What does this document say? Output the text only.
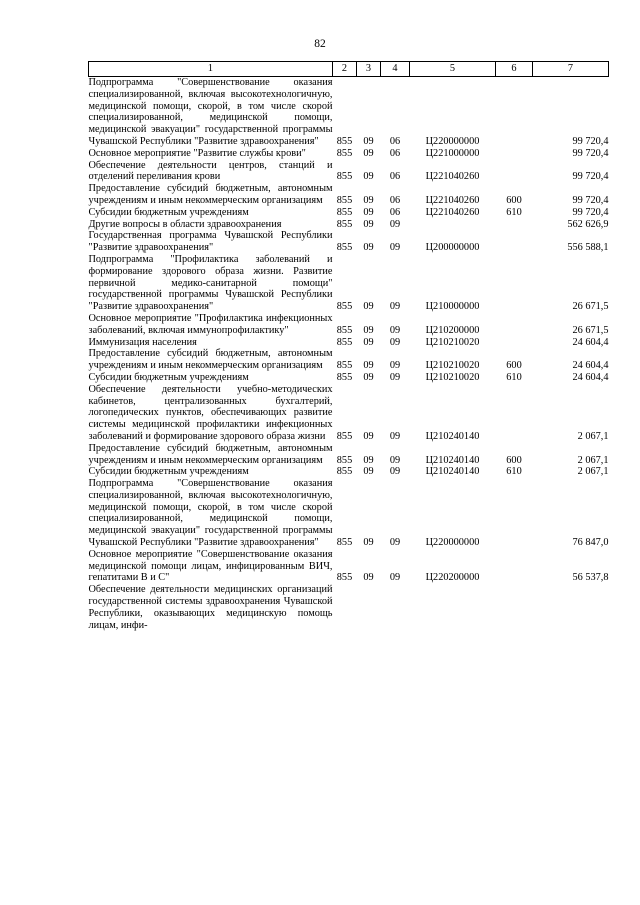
82
1	2	3	4	5	6	7
Подпрограмма "Совершенствование оказания специализированной, включая высокотехнологичную, медицинской помощи, скорой, в том числе скорой специализированной, медицинской помощи, медицинской эвакуации" государственной программы Чувашской Республики "Развитие здравоохранения"	855	09	06	Ц220000000		99 720,4
Основное мероприятие "Развитие службы крови"	855	09	06	Ц221000000		99 720,4
Обеспечение деятельности центров, станций и отделений переливания крови	855	09	06	Ц221040260		99 720,4
Предоставление субсидий бюджетным, автономным учреждениям и иным некоммерческим организациям	855	09	06	Ц221040260	600	99 720,4
Субсидии бюджетным учреждениям	855	09	06	Ц221040260	610	99 720,4
Другие вопросы в области здравоохранения	855	09	09			562 626,9
Государственная программа Чувашской Республики "Развитие здравоохранения"	855	09	09	Ц200000000		556 588,1
Подпрограмма "Профилактика заболеваний и формирование здорового образа жизни. Развитие первичной медико-санитарной помощи" государственной программы Чувашской Республики "Развитие здравоохранения"	855	09	09	Ц210000000		26 671,5
Основное мероприятие "Профилактика инфекционных заболеваний, включая иммунопрофилактику"	855	09	09	Ц210200000		26 671,5
Иммунизация населения	855	09	09	Ц210210020		24 604,4
Предоставление субсидий бюджетным, автономным учреждениям и иным некоммерческим организациям	855	09	09	Ц210210020	600	24 604,4
Субсидии бюджетным учреждениям	855	09	09	Ц210210020	610	24 604,4
Обеспечение деятельности учебно-методических кабинетов, централизованных бухгалтерий, логопедических пунктов, обеспечивающих развитие системы медицинской профилактики инфекционных заболеваний и формирование здорового образа жизни	855	09	09	Ц210240140		2 067,1
Предоставление субсидий бюджетным, автономным учреждениям и иным некоммерческим организациям	855	09	09	Ц210240140	600	2 067,1
Субсидии бюджетным учреждениям	855	09	09	Ц210240140	610	2 067,1
Подпрограмма "Совершенствование оказания специализированной, включая высокотехнологичную, медицинской помощи, скорой, в том числе скорой специализированной, медицинской помощи, медицинской эвакуации" государственной программы Чувашской Республики "Развитие здравоохранения"	855	09	09	Ц220000000		76 847,0
Основное мероприятие "Совершенствование оказания медицинской помощи лицам, инфицированным ВИЧ, гепатитами В и С"	855	09	09	Ц220200000		56 537,8
Обеспечение деятельности медицинских организаций государственной системы здравоохранения Чувашской Республики, оказывающих медицинскую помощь лицам, инфи-						
